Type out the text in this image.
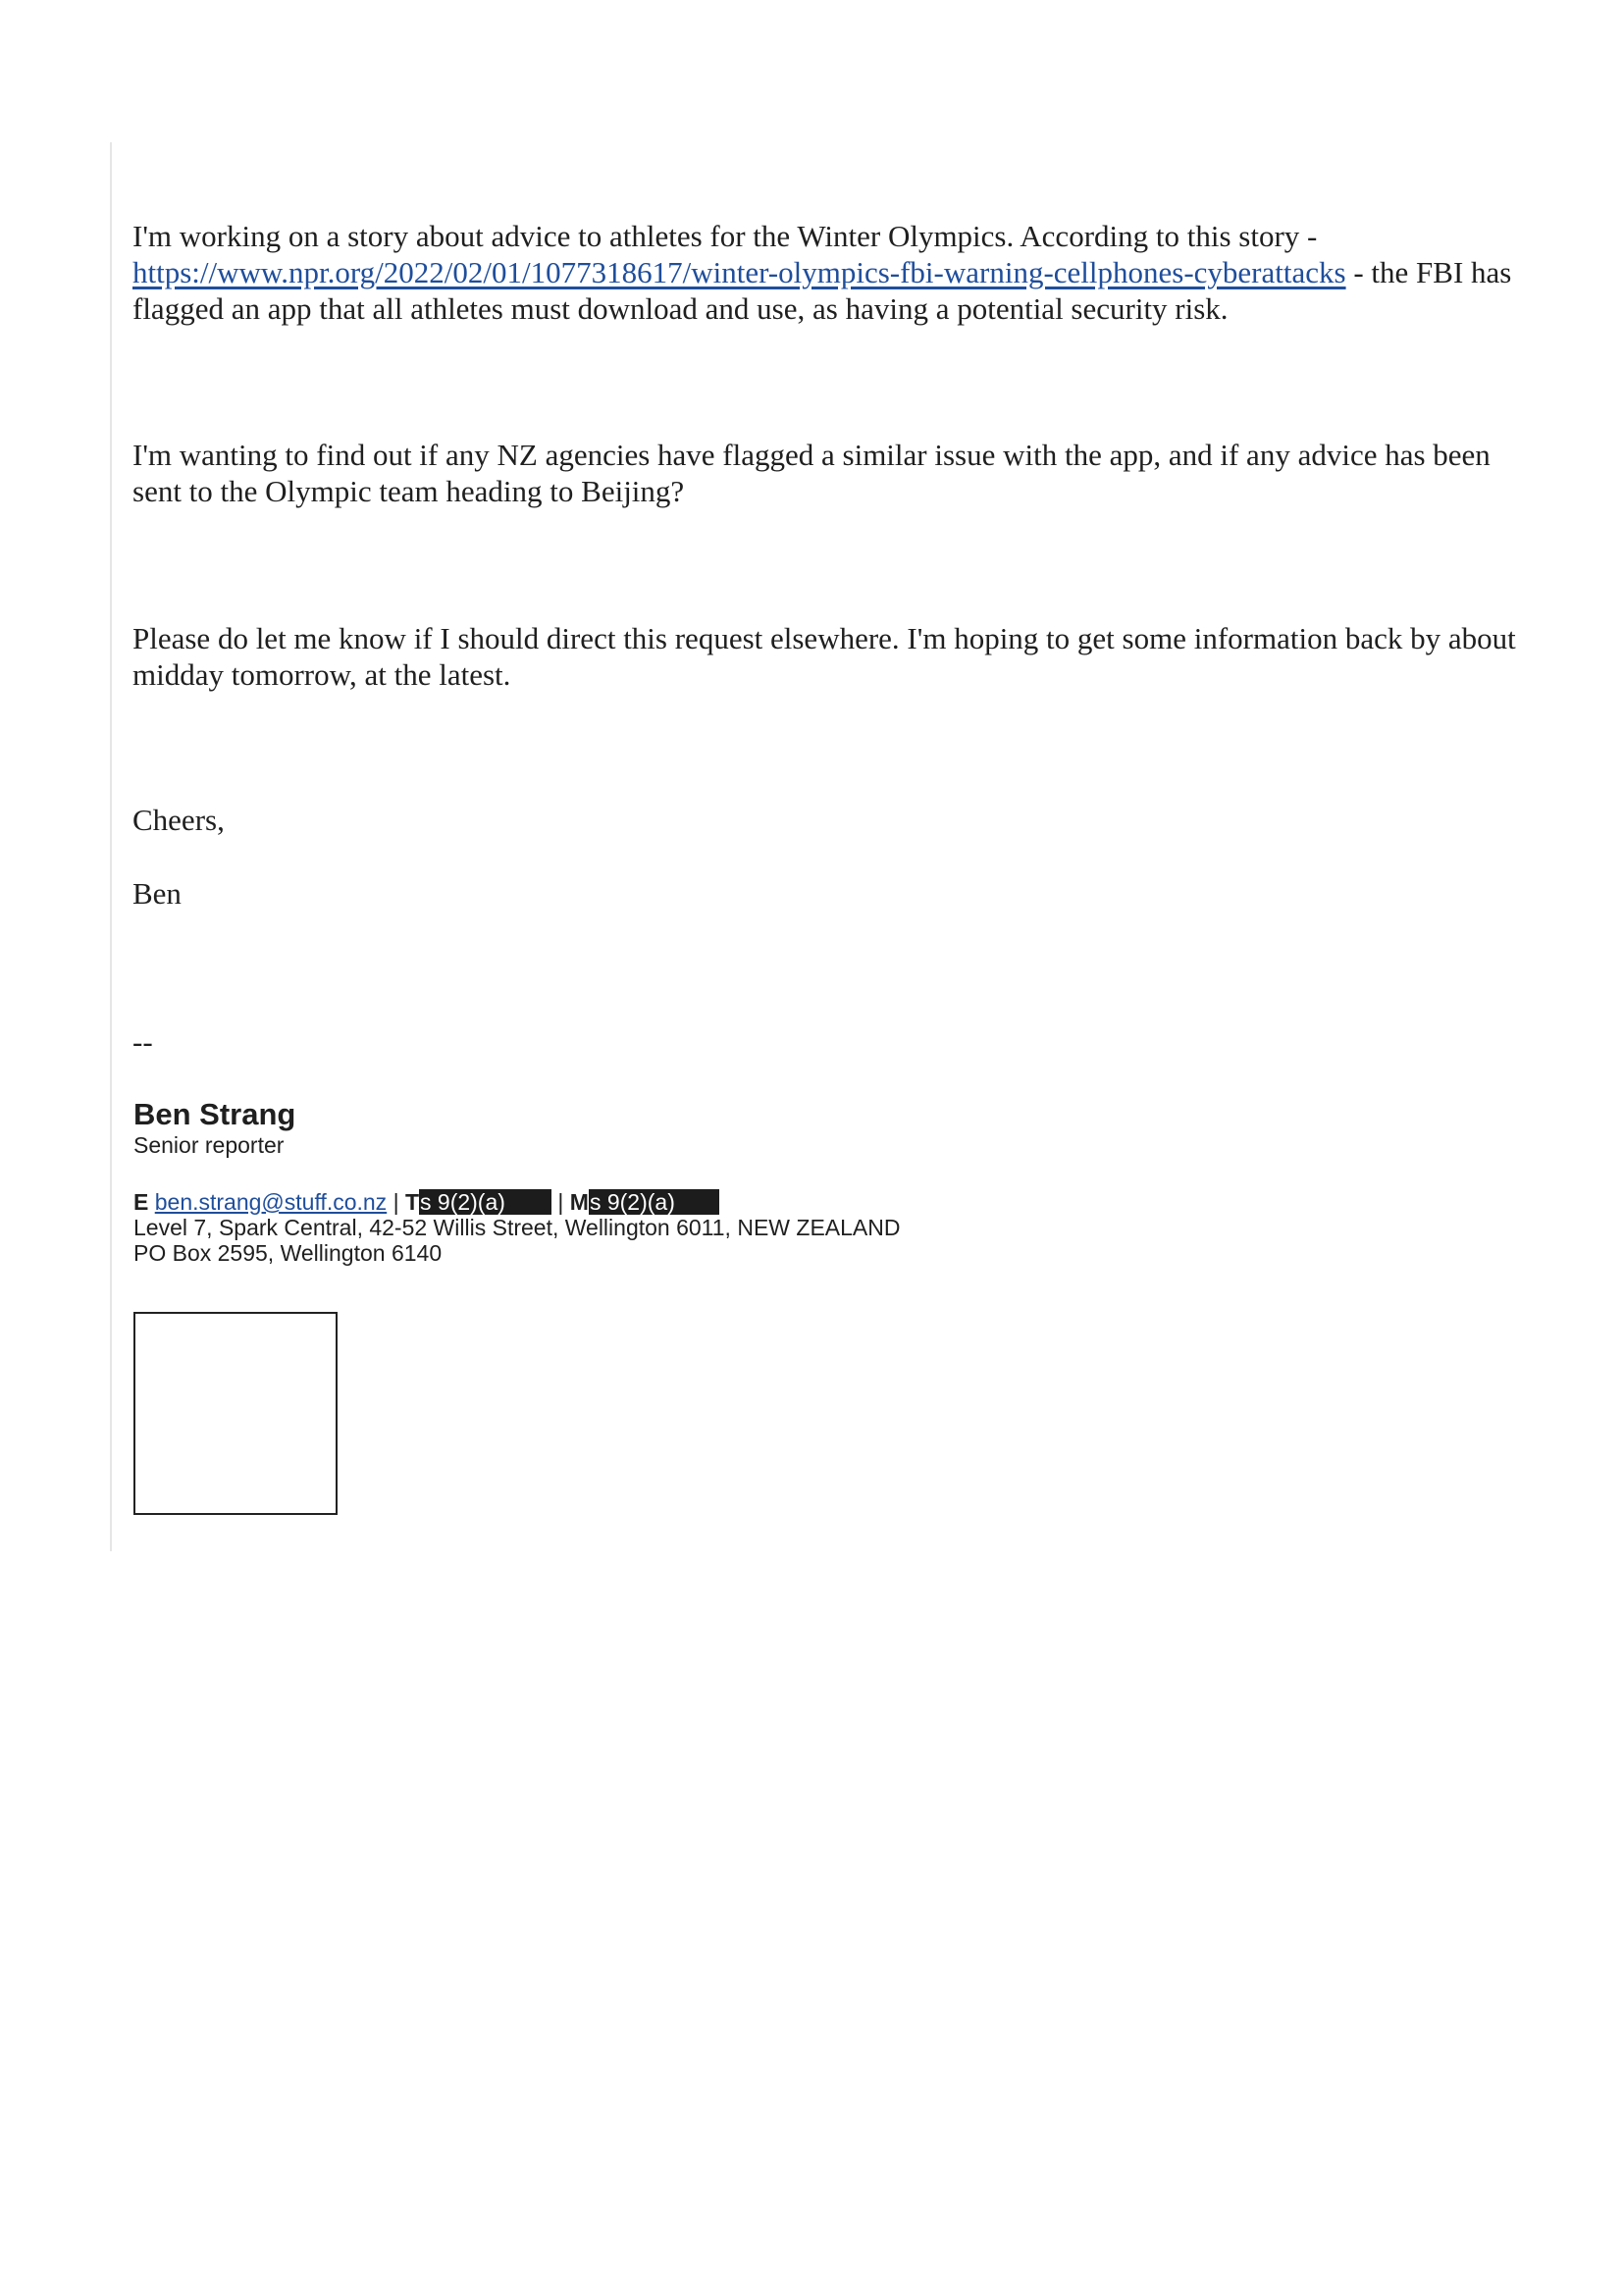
I'm working on a story about advice to athletes for the Winter Olympics. According to this story - https://www.npr.org/2022/02/01/1077318617/winter-olympics-fbi-warning-cellphones-cyberattacks - the FBI has flagged an app that all athletes must download and use, as having a potential security risk.

I'm wanting to find out if any NZ agencies have flagged a similar issue with the app, and if any advice has been sent to the Olympic team heading to Beijing?

Please do let me know if I should direct this request elsewhere. I'm hoping to get some information back by about midday tomorrow, at the latest.

Cheers,

Ben

--

Ben Strang
Senior reporter
E ben.strang@stuff.co.nz | Ts 9(2)(a) | Ms 9(2)(a)
Level 7, Spark Central, 42-52 Willis Street, Wellington 6011, NEW ZEALAND
PO Box 2595, Wellington 6140
